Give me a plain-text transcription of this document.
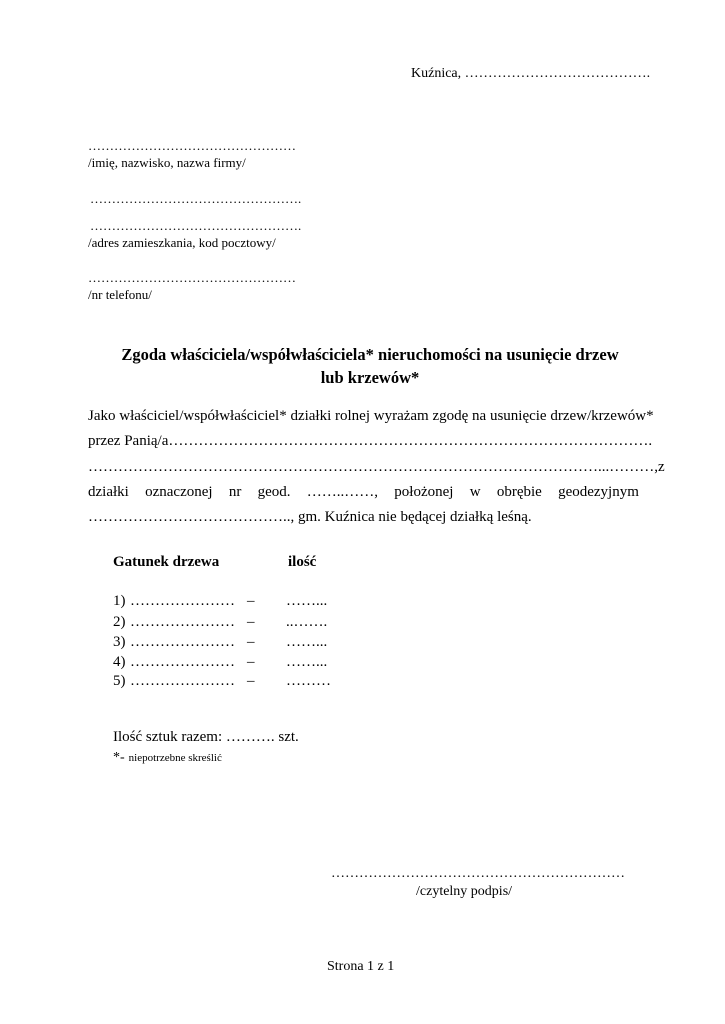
Kuźnica, ………………………………….
…………………………………………
/imię, nazwisko, nazwa firmy/
………………………………………….
………………………………………….
/adres zamieszkania, kod pocztowy/
…………………………………………
/nr telefonu/
Zgoda właściciela/współwłaściciela* nieruchomości na usunięcie drzew
lub krzewów*
Jako właściciel/współwłaściciel* działki rolnej wyrażam zgodę na usunięcie drzew/krzewów*
przez Panią/a…………………………………………………………………………………….
…………………………………………………………………………………………...………, z
działki oznaczonej nr geod. ……..……, położonej w obrębie geodezyjnym
………………………………….., gm. Kuźnica nie będącej działką leśną.
Gatunek drzewa	ilość
1) ………………… – ……...
2) ………………… – ..…….
3) ………………… – ……...
4) ………………… – ……...
5) ………………… – ………
Ilość sztuk razem: ………. szt.
*- niepotrzebne skreślić
………………………………………………………
/czytelny podpis/
Strona 1 z 1
